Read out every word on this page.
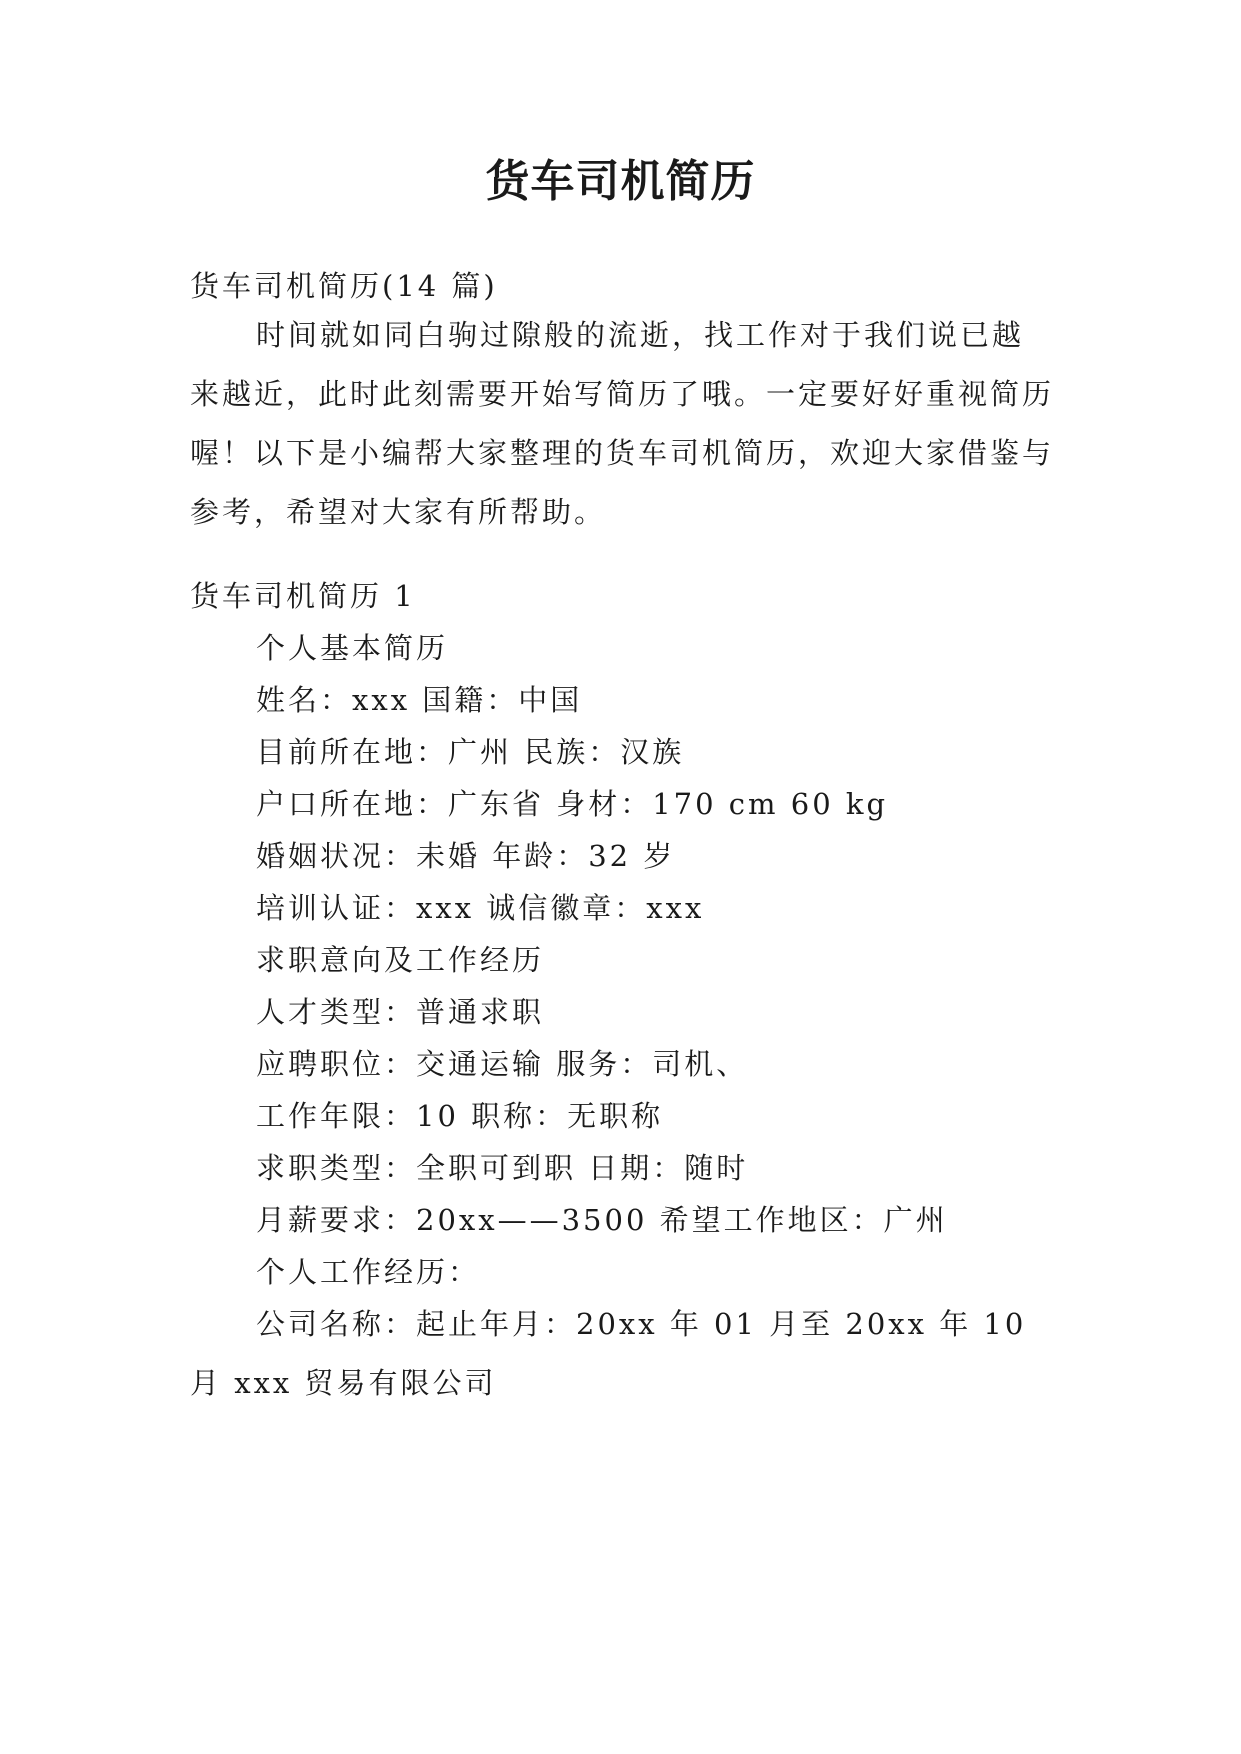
货车司机简历
货车司机简历(14 篇)
时间就如同白驹过隙般的流逝，找工作对于我们说已越来越近，此时此刻需要开始写简历了哦。一定要好好重视简历喔！以下是小编帮大家整理的货车司机简历，欢迎大家借鉴与参考，希望对大家有所帮助。
货车司机简历 1
个人基本简历
姓名：xxx 国籍：中国
目前所在地：广州 民族：汉族
户口所在地：广东省 身材：170 cm 60 kg
婚姻状况：未婚 年龄：32 岁
培训认证：xxx 诚信徽章：xxx
求职意向及工作经历
人才类型：普通求职
应聘职位：交通运输 服务：司机、
工作年限：10 职称：无职称
求职类型：全职可到职 日期：随时
月薪要求：20xx——3500 希望工作地区：广州
个人工作经历：
公司名称：起止年月：20xx 年 01 月至 20xx 年 10 月 xxx 贸易有限公司
